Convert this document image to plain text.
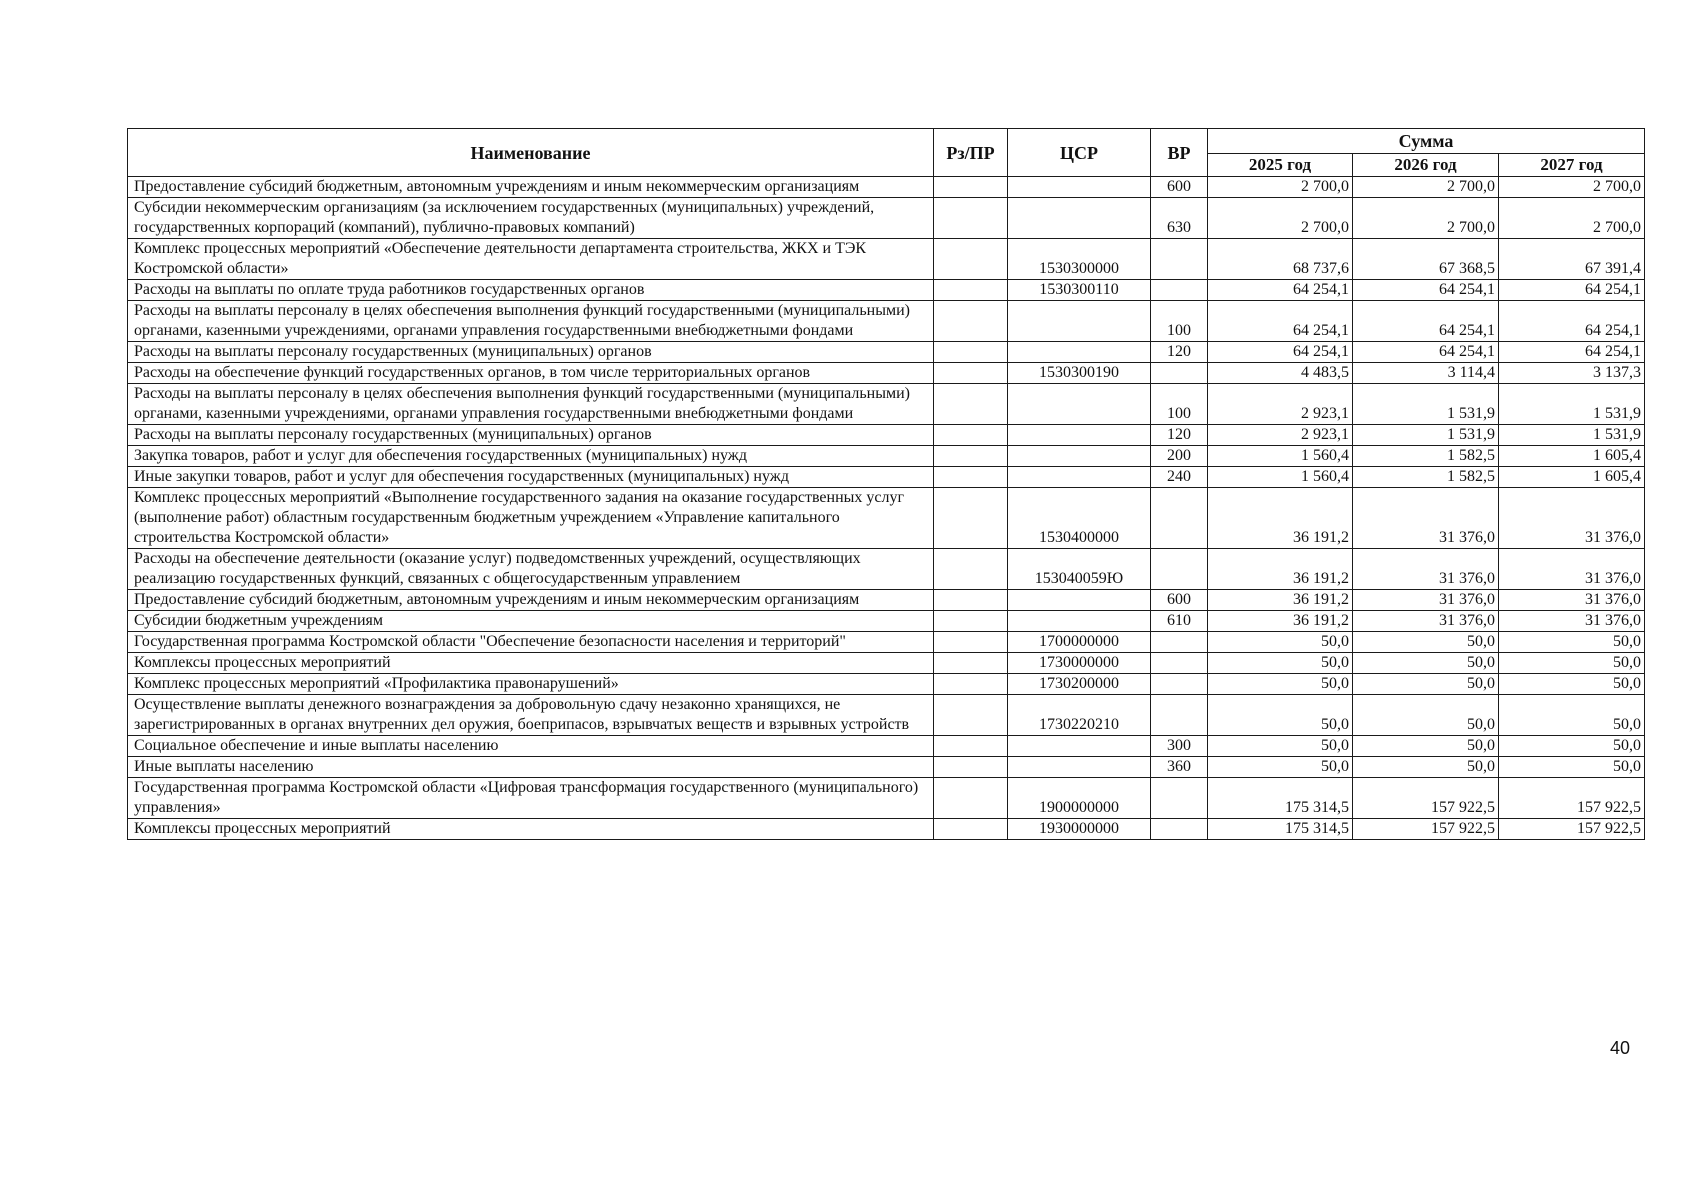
Наименование	Рз/ПР	ЦСР	ВР	Сумма		
				2025 год	2026 год	2027 год
Предоставление субсидий бюджетным, автономным учреждениям и иным некоммерческим организациям			600	2 700,0	2 700,0	2 700,0
Субсидии некоммерческим организациям (за исключением государственных (муниципальных) учреждений, государственных корпораций (компаний), публично-правовых компаний)			630	2 700,0	2 700,0	2 700,0
Комплекс процессных мероприятий «Обеспечение деятельности департамента строительства, ЖКХ и ТЭК Костромской области»		1530300000		68 737,6	67 368,5	67 391,4
Расходы на выплаты по оплате труда работников государственных органов		1530300110		64 254,1	64 254,1	64 254,1
Расходы на выплаты персоналу в целях обеспечения выполнения функций государственными (муниципальными) органами, казенными учреждениями, органами управления государственными внебюджетными фондами			100	64 254,1	64 254,1	64 254,1
Расходы на выплаты персоналу государственных (муниципальных) органов			120	64 254,1	64 254,1	64 254,1
Расходы на обеспечение функций государственных органов, в том числе территориальных органов		1530300190		4 483,5	3 114,4	3 137,3
Расходы на выплаты персоналу в целях обеспечения выполнения функций государственными (муниципальными) органами, казенными учреждениями, органами управления государственными внебюджетными фондами			100	2 923,1	1 531,9	1 531,9
Расходы на выплаты персоналу государственных (муниципальных) органов			120	2 923,1	1 531,9	1 531,9
Закупка товаров, работ и услуг для обеспечения государственных (муниципальных) нужд			200	1 560,4	1 582,5	1 605,4
Иные закупки товаров, работ и услуг для обеспечения государственных (муниципальных) нужд			240	1 560,4	1 582,5	1 605,4
Комплекс процессных мероприятий «Выполнение государственного задания на оказание государственных услуг (выполнение работ) областным государственным бюджетным учреждением «Управление капитального строительства Костромской области»		1530400000		36 191,2	31 376,0	31 376,0
Расходы на обеспечение деятельности (оказание услуг) подведомственных учреждений, осуществляющих реализацию государственных функций, связанных с общегосударственным управлением		153040059Ю		36 191,2	31 376,0	31 376,0
Предоставление субсидий бюджетным, автономным учреждениям и иным некоммерческим организациям			600	36 191,2	31 376,0	31 376,0
Субсидии бюджетным учреждениям			610	36 191,2	31 376,0	31 376,0
Государственная программа Костромской области "Обеспечение безопасности населения и территорий"		1700000000		50,0	50,0	50,0
Комплексы процессных мероприятий		1730000000		50,0	50,0	50,0
Комплекс процессных мероприятий «Профилактика правонарушений»		1730200000		50,0	50,0	50,0
Осуществление выплаты денежного вознаграждения за добровольную сдачу незаконно хранящихся, не зарегистрированных в органах внутренних дел оружия, боеприпасов, взрывчатых веществ и взрывных устройств		1730220210		50,0	50,0	50,0
Социальное обеспечение и иные выплаты населению			300	50,0	50,0	50,0
Иные выплаты населению			360	50,0	50,0	50,0
Государственная программа Костромской области «Цифровая трансформация государственного (муниципального) управления»		1900000000		175 314,5	157 922,5	157 922,5
Комплексы процессных мероприятий		1930000000		175 314,5	157 922,5	157 922,5
40
